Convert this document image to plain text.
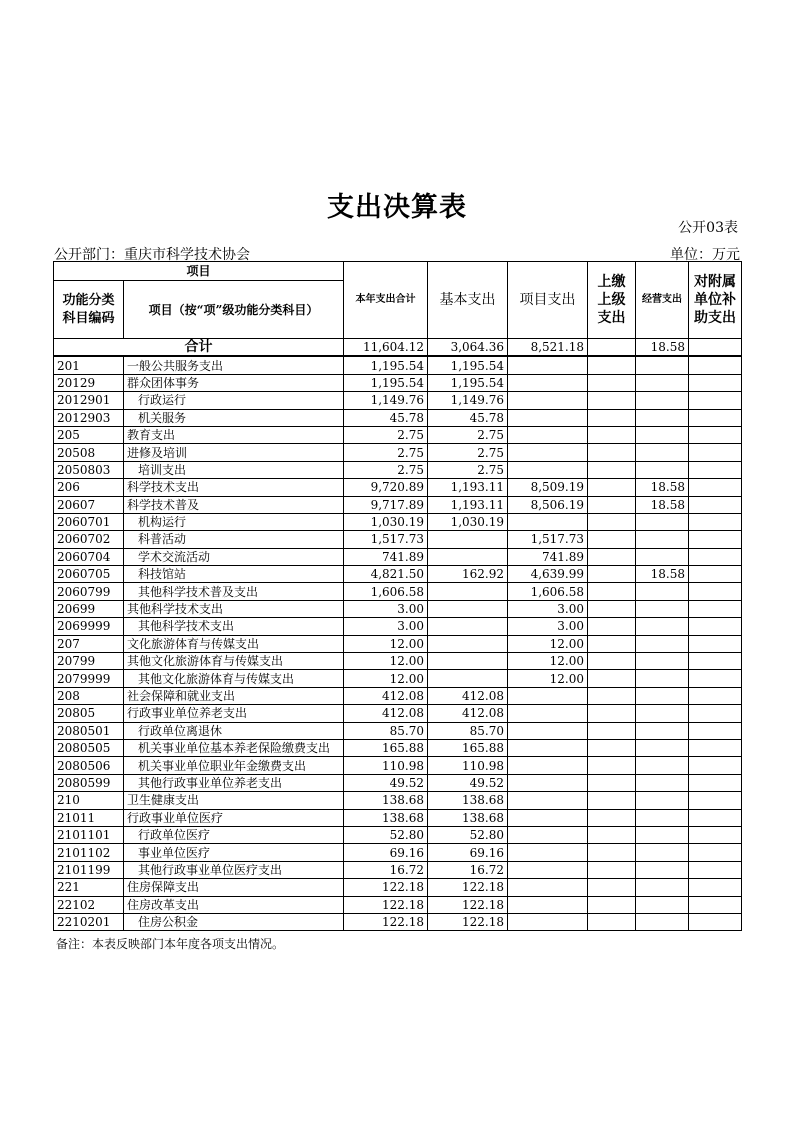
支出决算表
公开03表
公开部门：重庆市科学技术协会	单位：万元
项目		本年支出合计	基本支出	项目支出	上缴上级支出	经营支出	对附属单位补助支出
功能分类科目编码	项目（按“项”级功能分类科目）						
合计		11,604.12	3,064.36	8,521.18		18.58	
201	一般公共服务支出	1,195.54	1,195.54				
20129	群众团体事务	1,195.54	1,195.54				
2012901	行政运行	1,149.76	1,149.76				
2012903	机关服务	45.78	45.78				
205	教育支出	2.75	2.75				
20508	进修及培训	2.75	2.75				
2050803	培训支出	2.75	2.75				
206	科学技术支出	9,720.89	1,193.11	8,509.19		18.58	
20607	科学技术普及	9,717.89	1,193.11	8,506.19		18.58	
2060701	机构运行	1,030.19	1,030.19				
2060702	科普活动	1,517.73		1,517.73			
2060704	学术交流活动	741.89		741.89			
2060705	科技馆站	4,821.50	162.92	4,639.99		18.58	
2060799	其他科学技术普及支出	1,606.58		1,606.58			
20699	其他科学技术支出	3.00		3.00			
2069999	其他科学技术支出	3.00		3.00			
207	文化旅游体育与传媒支出	12.00		12.00			
20799	其他文化旅游体育与传媒支出	12.00		12.00			
2079999	其他文化旅游体育与传媒支出	12.00		12.00			
208	社会保障和就业支出	412.08	412.08				
20805	行政事业单位养老支出	412.08	412.08				
2080501	行政单位离退休	85.70	85.70				
2080505	机关事业单位基本养老保险缴费支出	165.88	165.88				
2080506	机关事业单位职业年金缴费支出	110.98	110.98				
2080599	其他行政事业单位养老支出	49.52	49.52				
210	卫生健康支出	138.68	138.68				
21011	行政事业单位医疗	138.68	138.68				
2101101	行政单位医疗	52.80	52.80				
2101102	事业单位医疗	69.16	69.16				
2101199	其他行政事业单位医疗支出	16.72	16.72				
221	住房保障支出	122.18	122.18				
22102	住房改革支出	122.18	122.18				
2210201	住房公积金	122.18	122.18				
备注：本表反映部门本年度各项支出情况。
